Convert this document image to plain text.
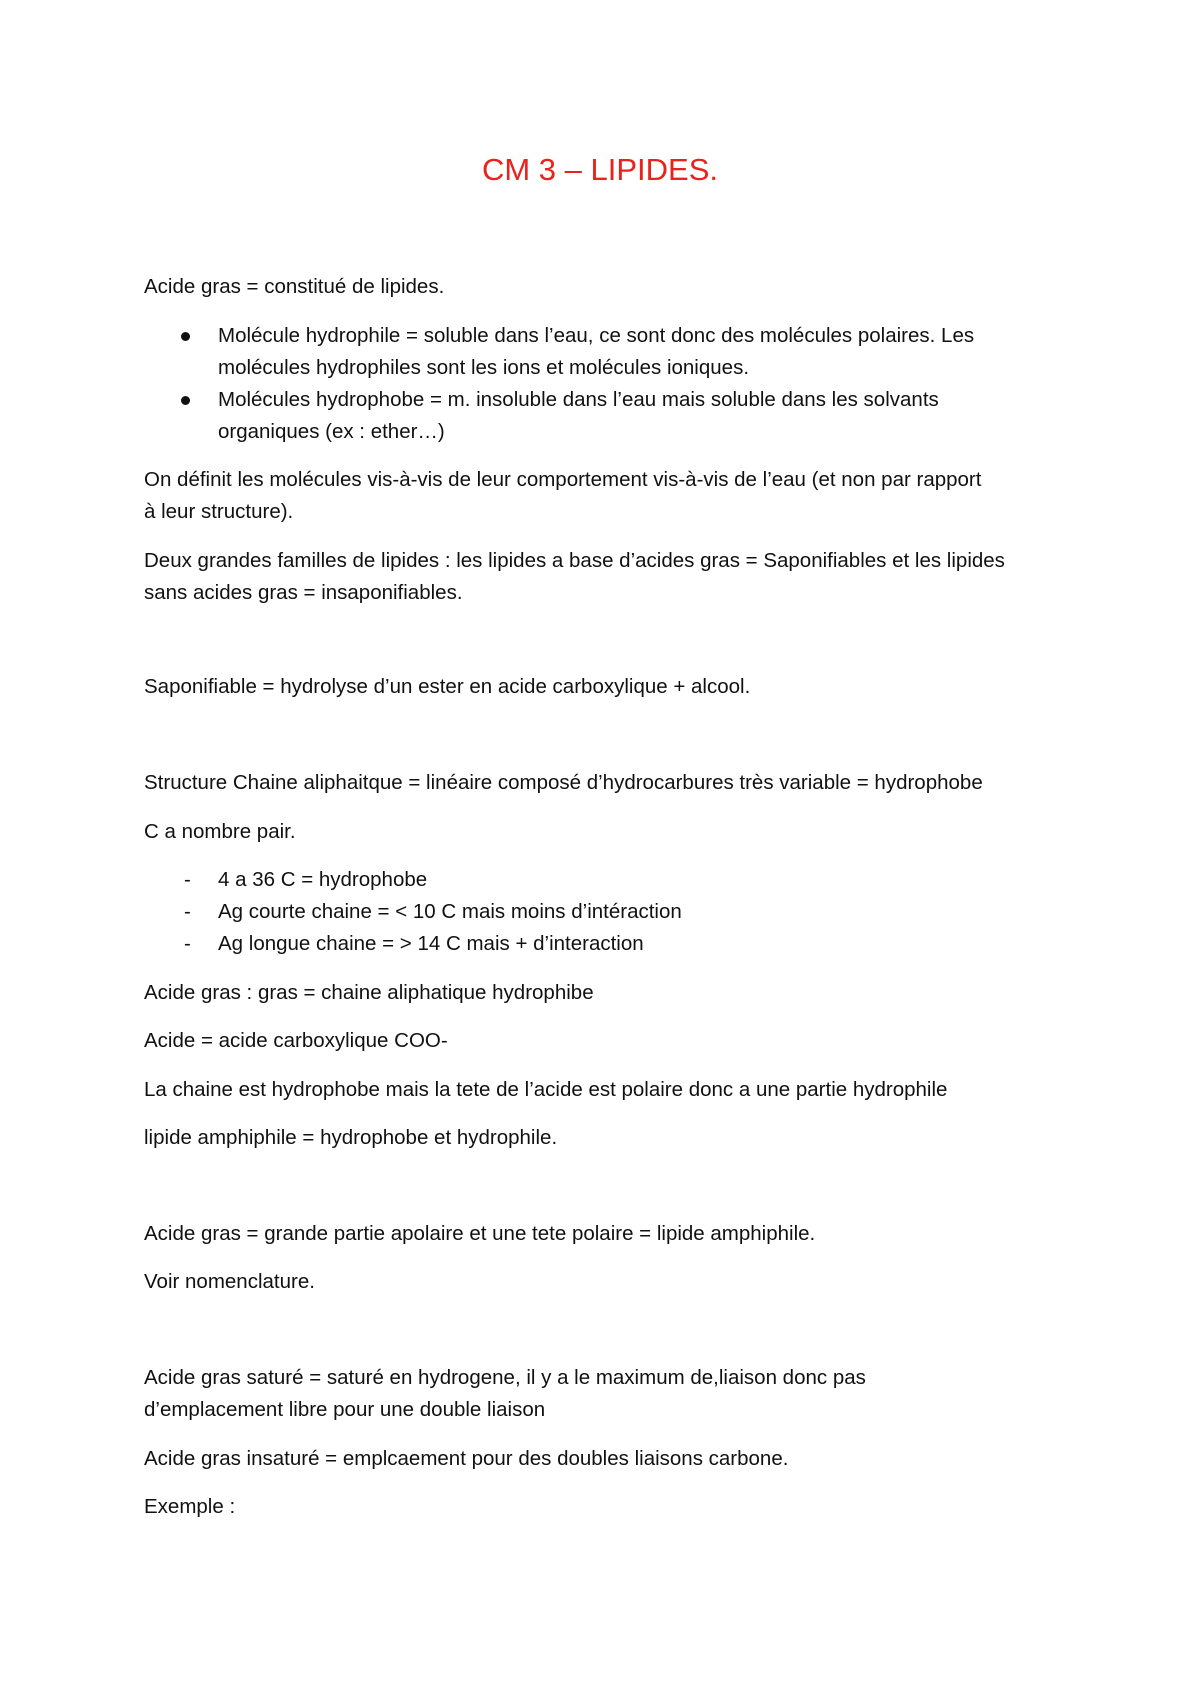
CM 3 – LIPIDES.
Acide gras = constitué de lipides.
Molécule hydrophile = soluble dans l’eau, ce sont donc des molécules polaires. Les
molécules hydrophiles sont les ions et molécules ioniques.
Molécules hydrophobe = m. insoluble dans l’eau mais soluble dans les solvants
organiques (ex : ether…)
On définit les molécules vis-à-vis de leur comportement vis-à-vis de l’eau (et non par rapport
à leur structure).
Deux grandes familles de lipides : les lipides a base d’acides gras = Saponifiables et les lipides
sans acides gras = insaponifiables.
Saponifiable = hydrolyse d’un ester en acide carboxylique + alcool.
Structure Chaine aliphaitque = linéaire composé d’hydrocarbures très variable = hydrophobe
C a nombre pair.
- 4 a 36 C = hydrophobe
- Ag courte chaine = < 10 C mais moins d’intéraction
- Ag longue chaine = > 14 C mais + d’interaction
Acide gras : gras = chaine aliphatique hydrophibe
Acide = acide carboxylique COO-
La chaine est hydrophobe mais la tete de l’acide est polaire donc a une partie hydrophile
lipide amphiphile = hydrophobe et hydrophile.
Acide gras = grande partie apolaire et une tete polaire = lipide amphiphile.
Voir nomenclature.
Acide gras saturé = saturé en hydrogene, il y a le maximum de,liaison donc pas
d’emplacement libre pour une double liaison
Acide gras insaturé = emplcaement pour des doubles liaisons carbone.
Exemple :
